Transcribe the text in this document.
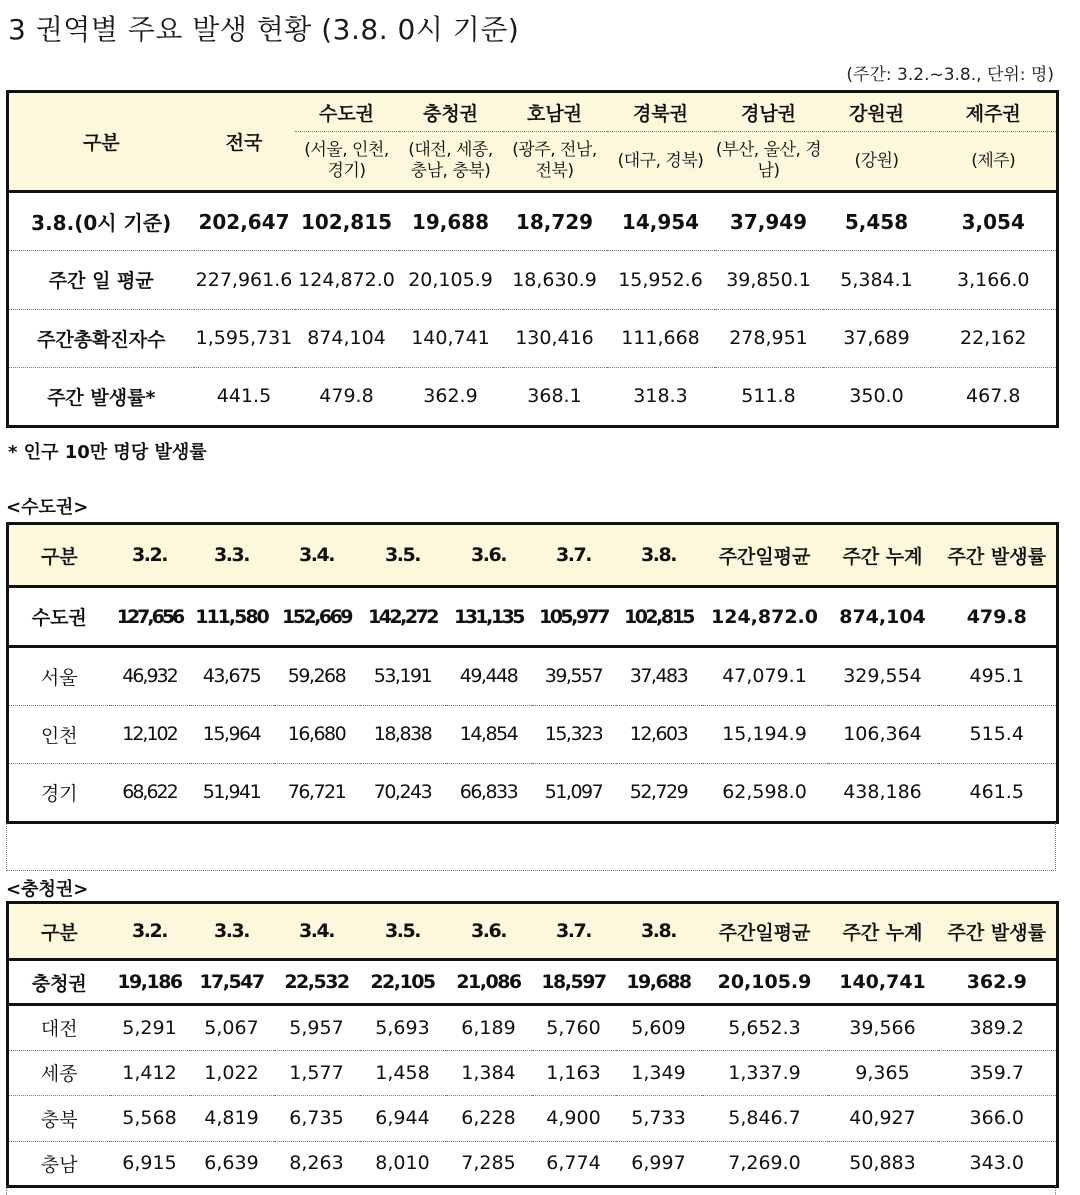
3 권역별 주요 발생 현황 (3.8. 0시 기준)
(주간: 3.2.~3.8., 단위: 명)
구분	전국	수도권	충청권	호남권	경북권	경남권	강원권	제주권
		(서울, 인천, 경기)	(대전, 세종, 충남, 충북)	(광주, 전남, 전북)	(대구, 경북)	(부산, 울산, 경남)	(강원)	(제주)
3.8.(0시 기준)	202,647	102,815	19,688	18,729	14,954	37,949	5,458	3,054
주간 일 평균	227,961.6	124,872.0	20,105.9	18,630.9	15,952.6	39,850.1	5,384.1	3,166.0
주간총확진자수	1,595,731	874,104	140,741	130,416	111,668	278,951	37,689	22,162
주간 발생률*	441.5	479.8	362.9	368.1	318.3	511.8	350.0	467.8
* 인구 10만 명당 발생률
<수도권>
구분	3.2.	3.3.	3.4.	3.5.	3.6.	3.7.	3.8.	주간일평균	주간 누계	주간 발생률
수도권	127,656	111,580	152,669	142,272	131,135	105,977	102,815	124,872.0	874,104	479.8
서울	46,932	43,675	59,268	53,191	49,448	39,557	37,483	47,079.1	329,554	495.1
인천	12,102	15,964	16,680	18,838	14,854	15,323	12,603	15,194.9	106,364	515.4
경기	68,622	51,941	76,721	70,243	66,833	51,097	52,729	62,598.0	438,186	461.5
<충청권>
구분	3.2.	3.3.	3.4.	3.5.	3.6.	3.7.	3.8.	주간일평균	주간 누계	주간 발생률
충청권	19,186	17,547	22,532	22,105	21,086	18,597	19,688	20,105.9	140,741	362.9
대전	5,291	5,067	5,957	5,693	6,189	5,760	5,609	5,652.3	39,566	389.2
세종	1,412	1,022	1,577	1,458	1,384	1,163	1,349	1,337.9	9,365	359.7
충북	5,568	4,819	6,735	6,944	6,228	4,900	5,733	5,846.7	40,927	366.0
충남	6,915	6,639	8,263	8,010	7,285	6,774	6,997	7,269.0	50,883	343.0
